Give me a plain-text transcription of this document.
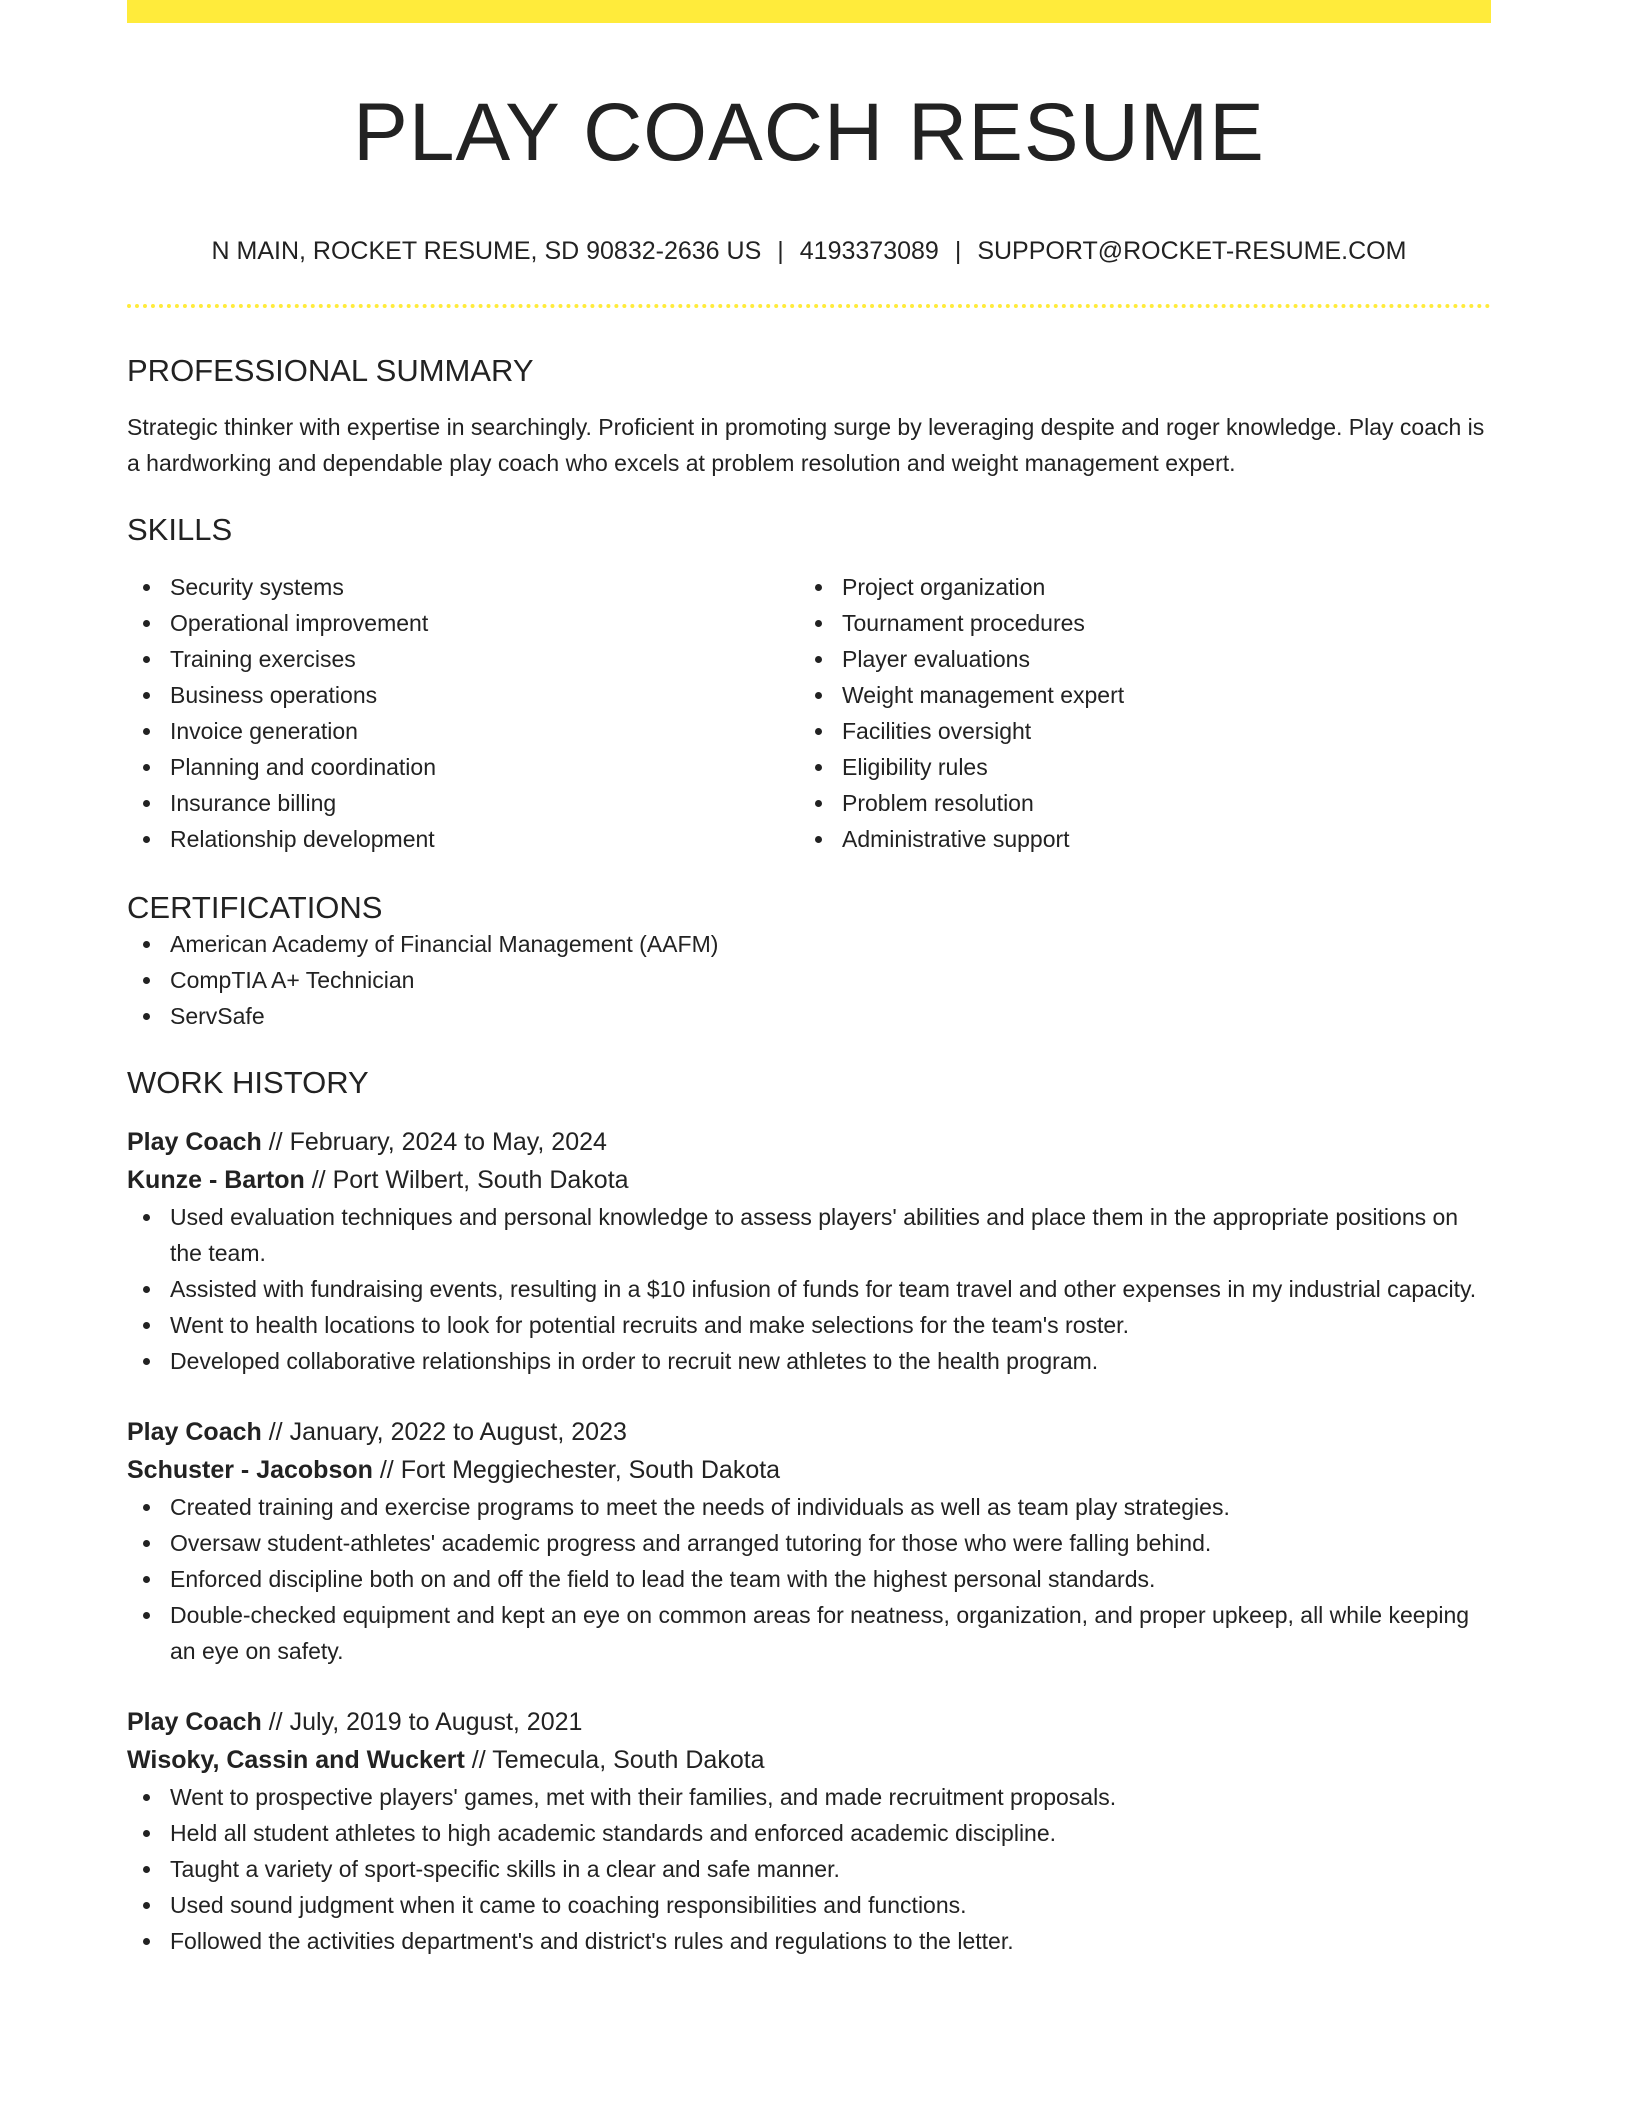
PLAY COACH RESUME
N MAIN, ROCKET RESUME, SD 90832-2636 US | 4193373089 | SUPPORT@ROCKET-RESUME.COM
PROFESSIONAL SUMMARY

Strategic thinker with expertise in searchingly. Proficient in promoting surge by leveraging despite and roger knowledge. Play coach is a hardworking and dependable play coach who excels at problem resolution and weight management expert.

SKILLS
Security systems
Operational improvement
Training exercises
Business operations
Invoice generation
Planning and coordination
Insurance billing
Relationship development
Project organization
Tournament procedures
Player evaluations
Weight management expert
Facilities oversight
Eligibility rules
Problem resolution
Administrative support
CERTIFICATIONS
American Academy of Financial Management (AAFM)
CompTIA A+ Technician
ServSafe
WORK HISTORY
Play Coach // February, 2024 to May, 2024
Kunze - Barton // Port Wilbert, South Dakota
Used evaluation techniques and personal knowledge to assess players' abilities and place them in the appropriate positions on the team.
Assisted with fundraising events, resulting in a $10 infusion of funds for team travel and other expenses in my industrial capacity.
Went to health locations to look for potential recruits and make selections for the team's roster.
Developed collaborative relationships in order to recruit new athletes to the health program.
Play Coach // January, 2022 to August, 2023
Schuster - Jacobson // Fort Meggiechester, South Dakota
Created training and exercise programs to meet the needs of individuals as well as team play strategies.
Oversaw student-athletes' academic progress and arranged tutoring for those who were falling behind.
Enforced discipline both on and off the field to lead the team with the highest personal standards.
Double-checked equipment and kept an eye on common areas for neatness, organization, and proper upkeep, all while keeping an eye on safety.
Play Coach // July, 2019 to August, 2021
Wisoky, Cassin and Wuckert // Temecula, South Dakota
Went to prospective players' games, met with their families, and made recruitment proposals.
Held all student athletes to high academic standards and enforced academic discipline.
Taught a variety of sport-specific skills in a clear and safe manner.
Used sound judgment when it came to coaching responsibilities and functions.
Followed the activities department's and district's rules and regulations to the letter.
